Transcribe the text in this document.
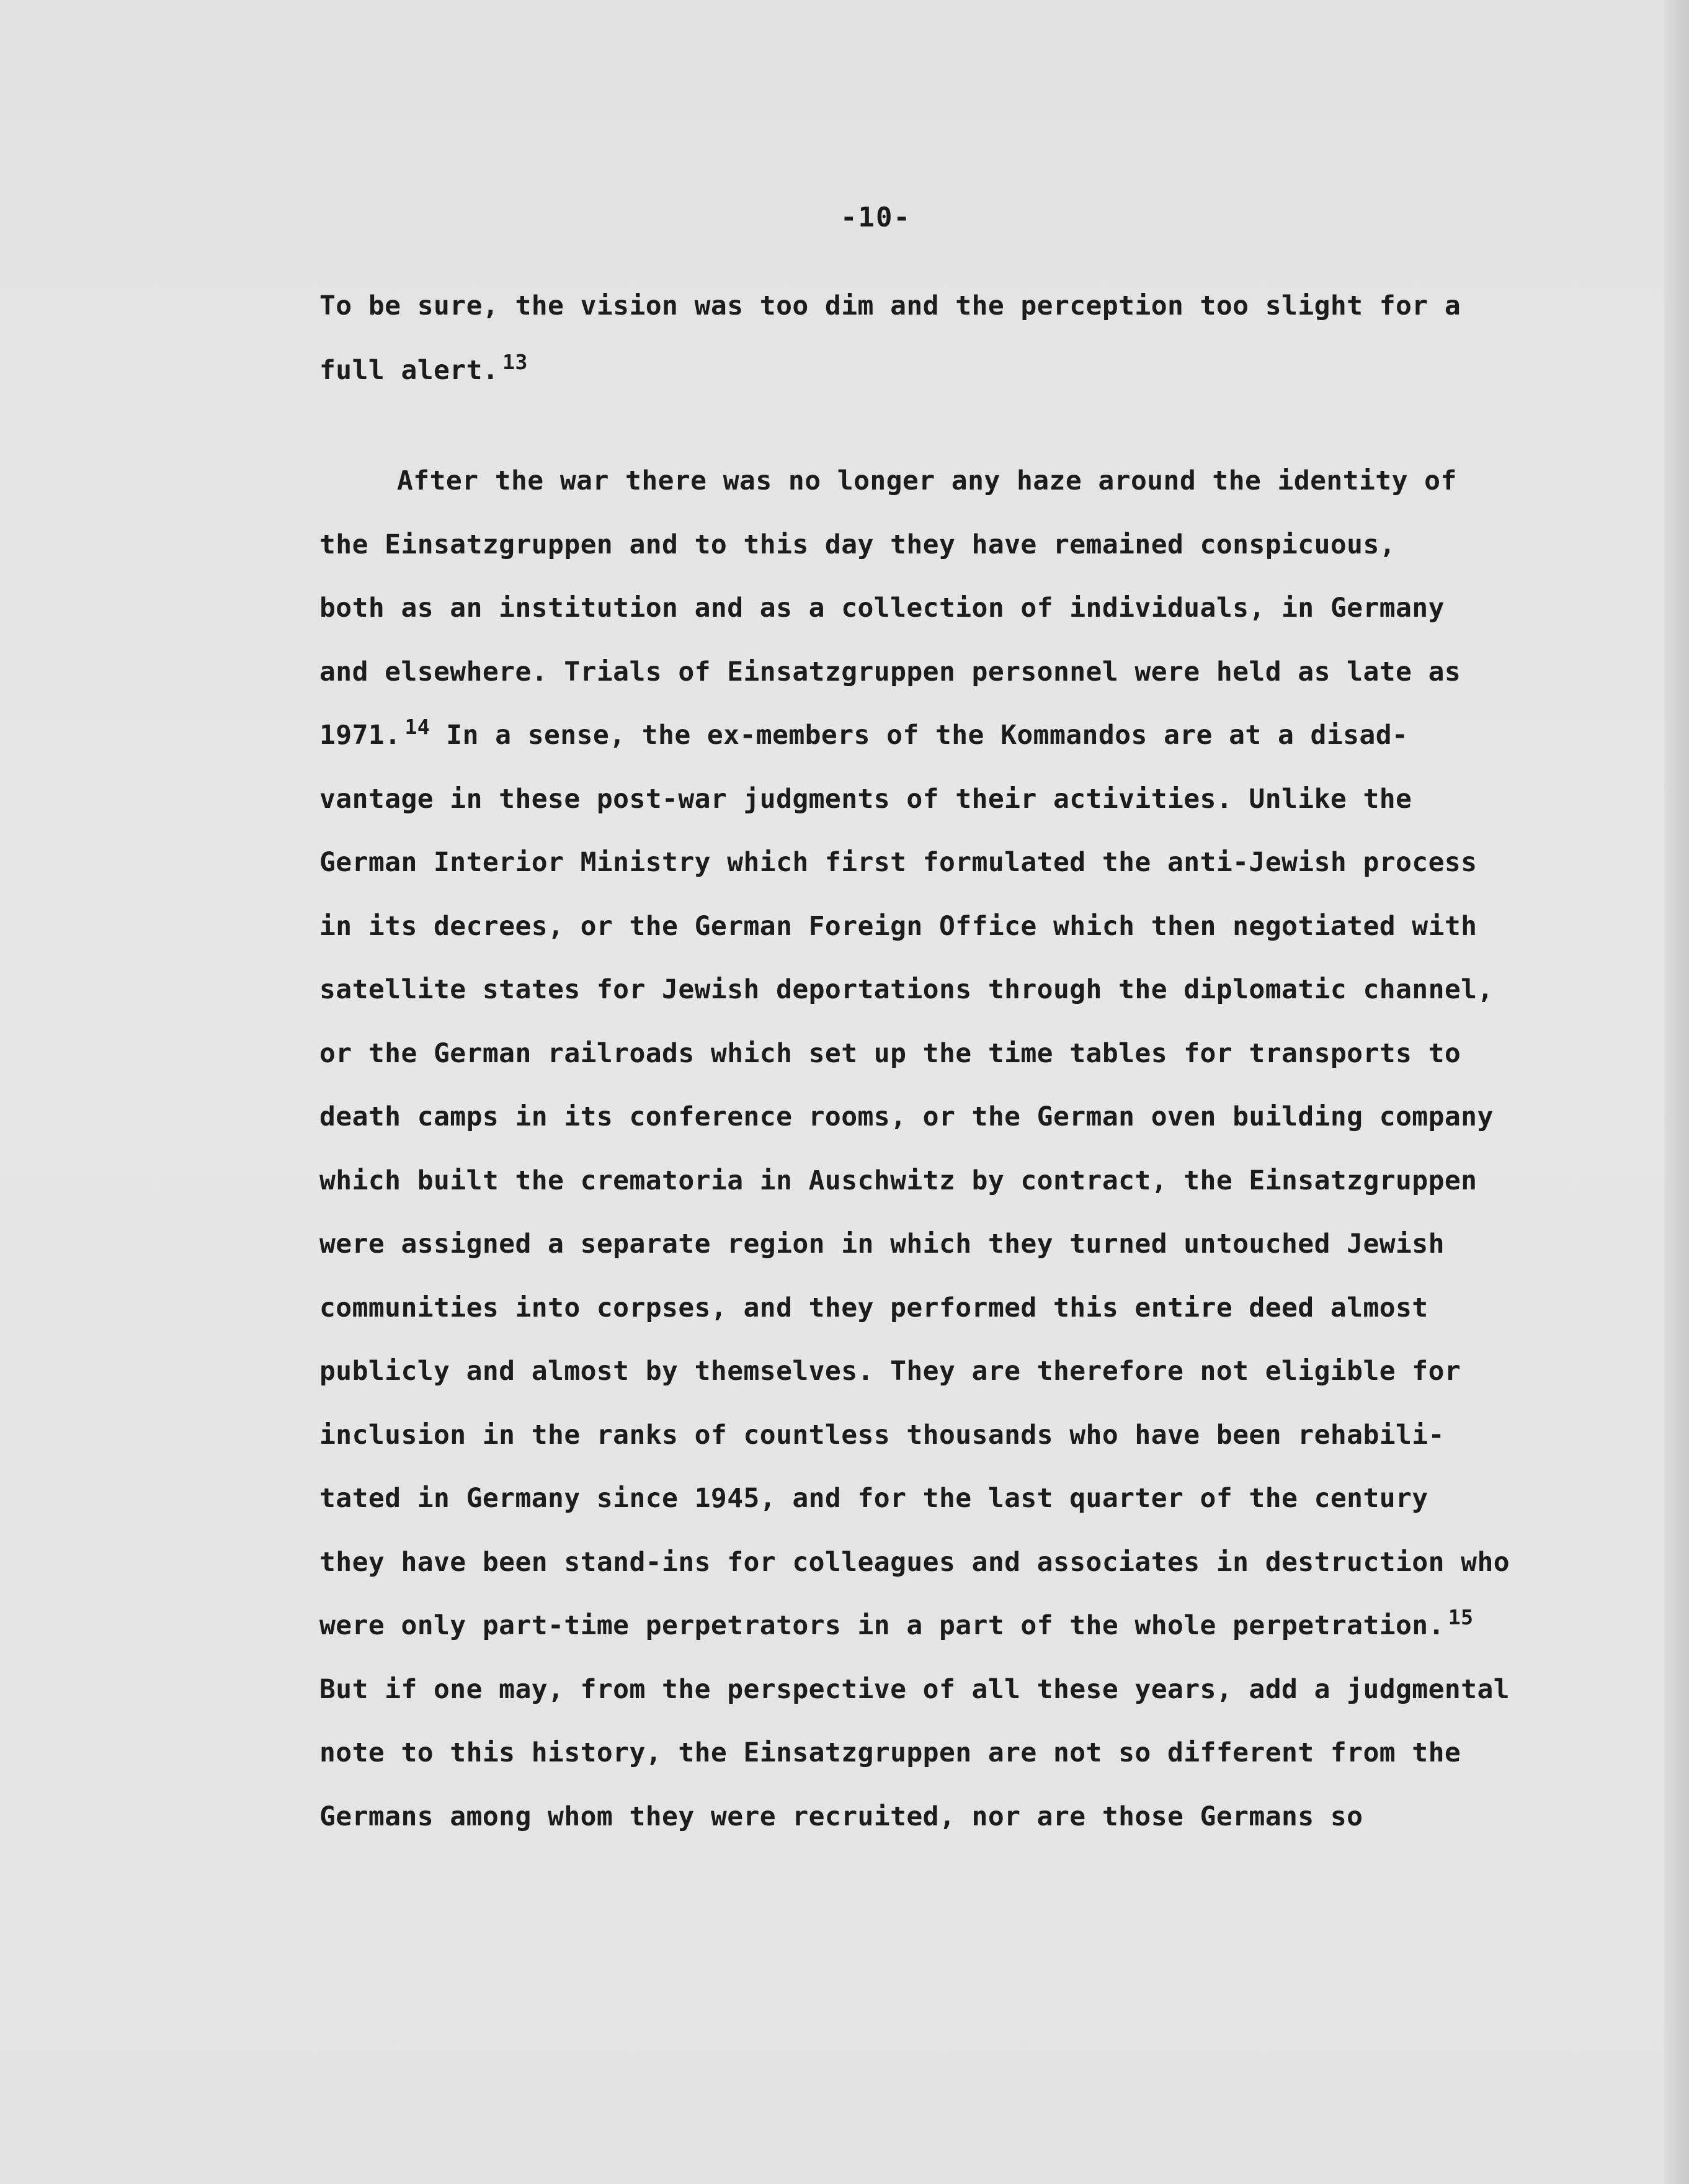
-10-
To be sure, the vision was too dim and the perception too slight for a
full alert. $^{13}$
After the war there was no longer any haze around the identity of
the Einsatzgruppen and to this day they have remained conspicuous,
both as an institution and as a collection of individuals, in Germany
and elsewhere. Trials of Einsatzgruppen personnel were held as late as
1971. $^{14}$ In a sense, the ex-members of the Kommandos are at a disad-
vantage in these post-war judgments of their activities. Unlike the
German Interior Ministry which first formulated the anti-Jewish process
in its decrees, or the German Foreign Office which then negotiated with
satellite states for Jewish deportations through the diplomatic channel,
or the German railroads which set up the time tables for transports to
death camps in its conference rooms, or the German oven building company
which built the crematoria in Auschwitz by contract, the Einsatzgruppen
were assigned a separate region in which they turned untouched Jewish
communities into corpses, and they performed this entire deed almost
publicly and almost by themselves. They are therefore not eligible for
inclusion in the ranks of countless thousands who have been rehabili-
tated in Germany since 1945, and for the last quarter of the century
they have been stand-ins for colleagues and associates in destruction who
were only part-time perpetrators in a part of the whole perpetration. $^{15}$
But if one may, from the perspective of all these years, add a judgmental
note to this history, the Einsatzgruppen are not so different from the
Germans among whom they were recruited, nor are those Germans so
